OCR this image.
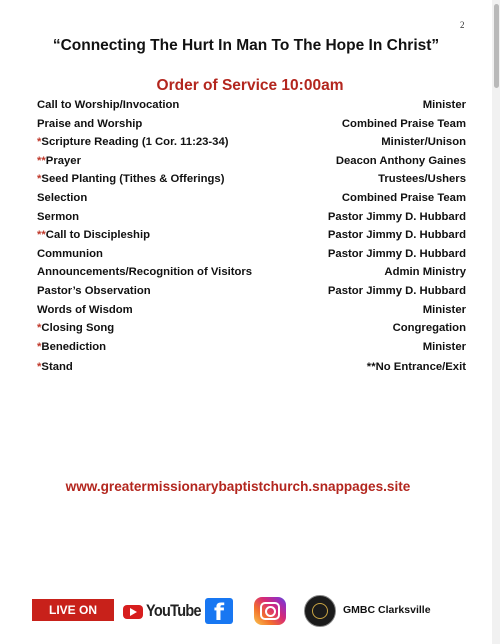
2
“Connecting The Hurt In Man To The Hope In Christ”
Order of Service 10:00am
Call to Worship/Invocation	Minister
Praise and Worship	Combined Praise Team
*Scripture Reading (1 Cor. 11:23-34)	Minister/Unison
**Prayer	Deacon Anthony Gaines
*Seed Planting (Tithes & Offerings)	Trustees/Ushers
Selection	Combined Praise Team
Sermon	Pastor Jimmy D. Hubbard
**Call to Discipleship	Pastor Jimmy D. Hubbard
Communion	Pastor Jimmy D. Hubbard
Announcements/Recognition of Visitors	Admin Ministry
Pastor’s Observation	Pastor Jimmy D. Hubbard
Words of Wisdom	Minister
*Closing Song	Congregation
*Benediction	Minister
*Stand	**No Entrance/Exit
www.greatermissionarybaptistchurch.snappages.site
LIVE ON	YouTube f	GMBC Clarksville
